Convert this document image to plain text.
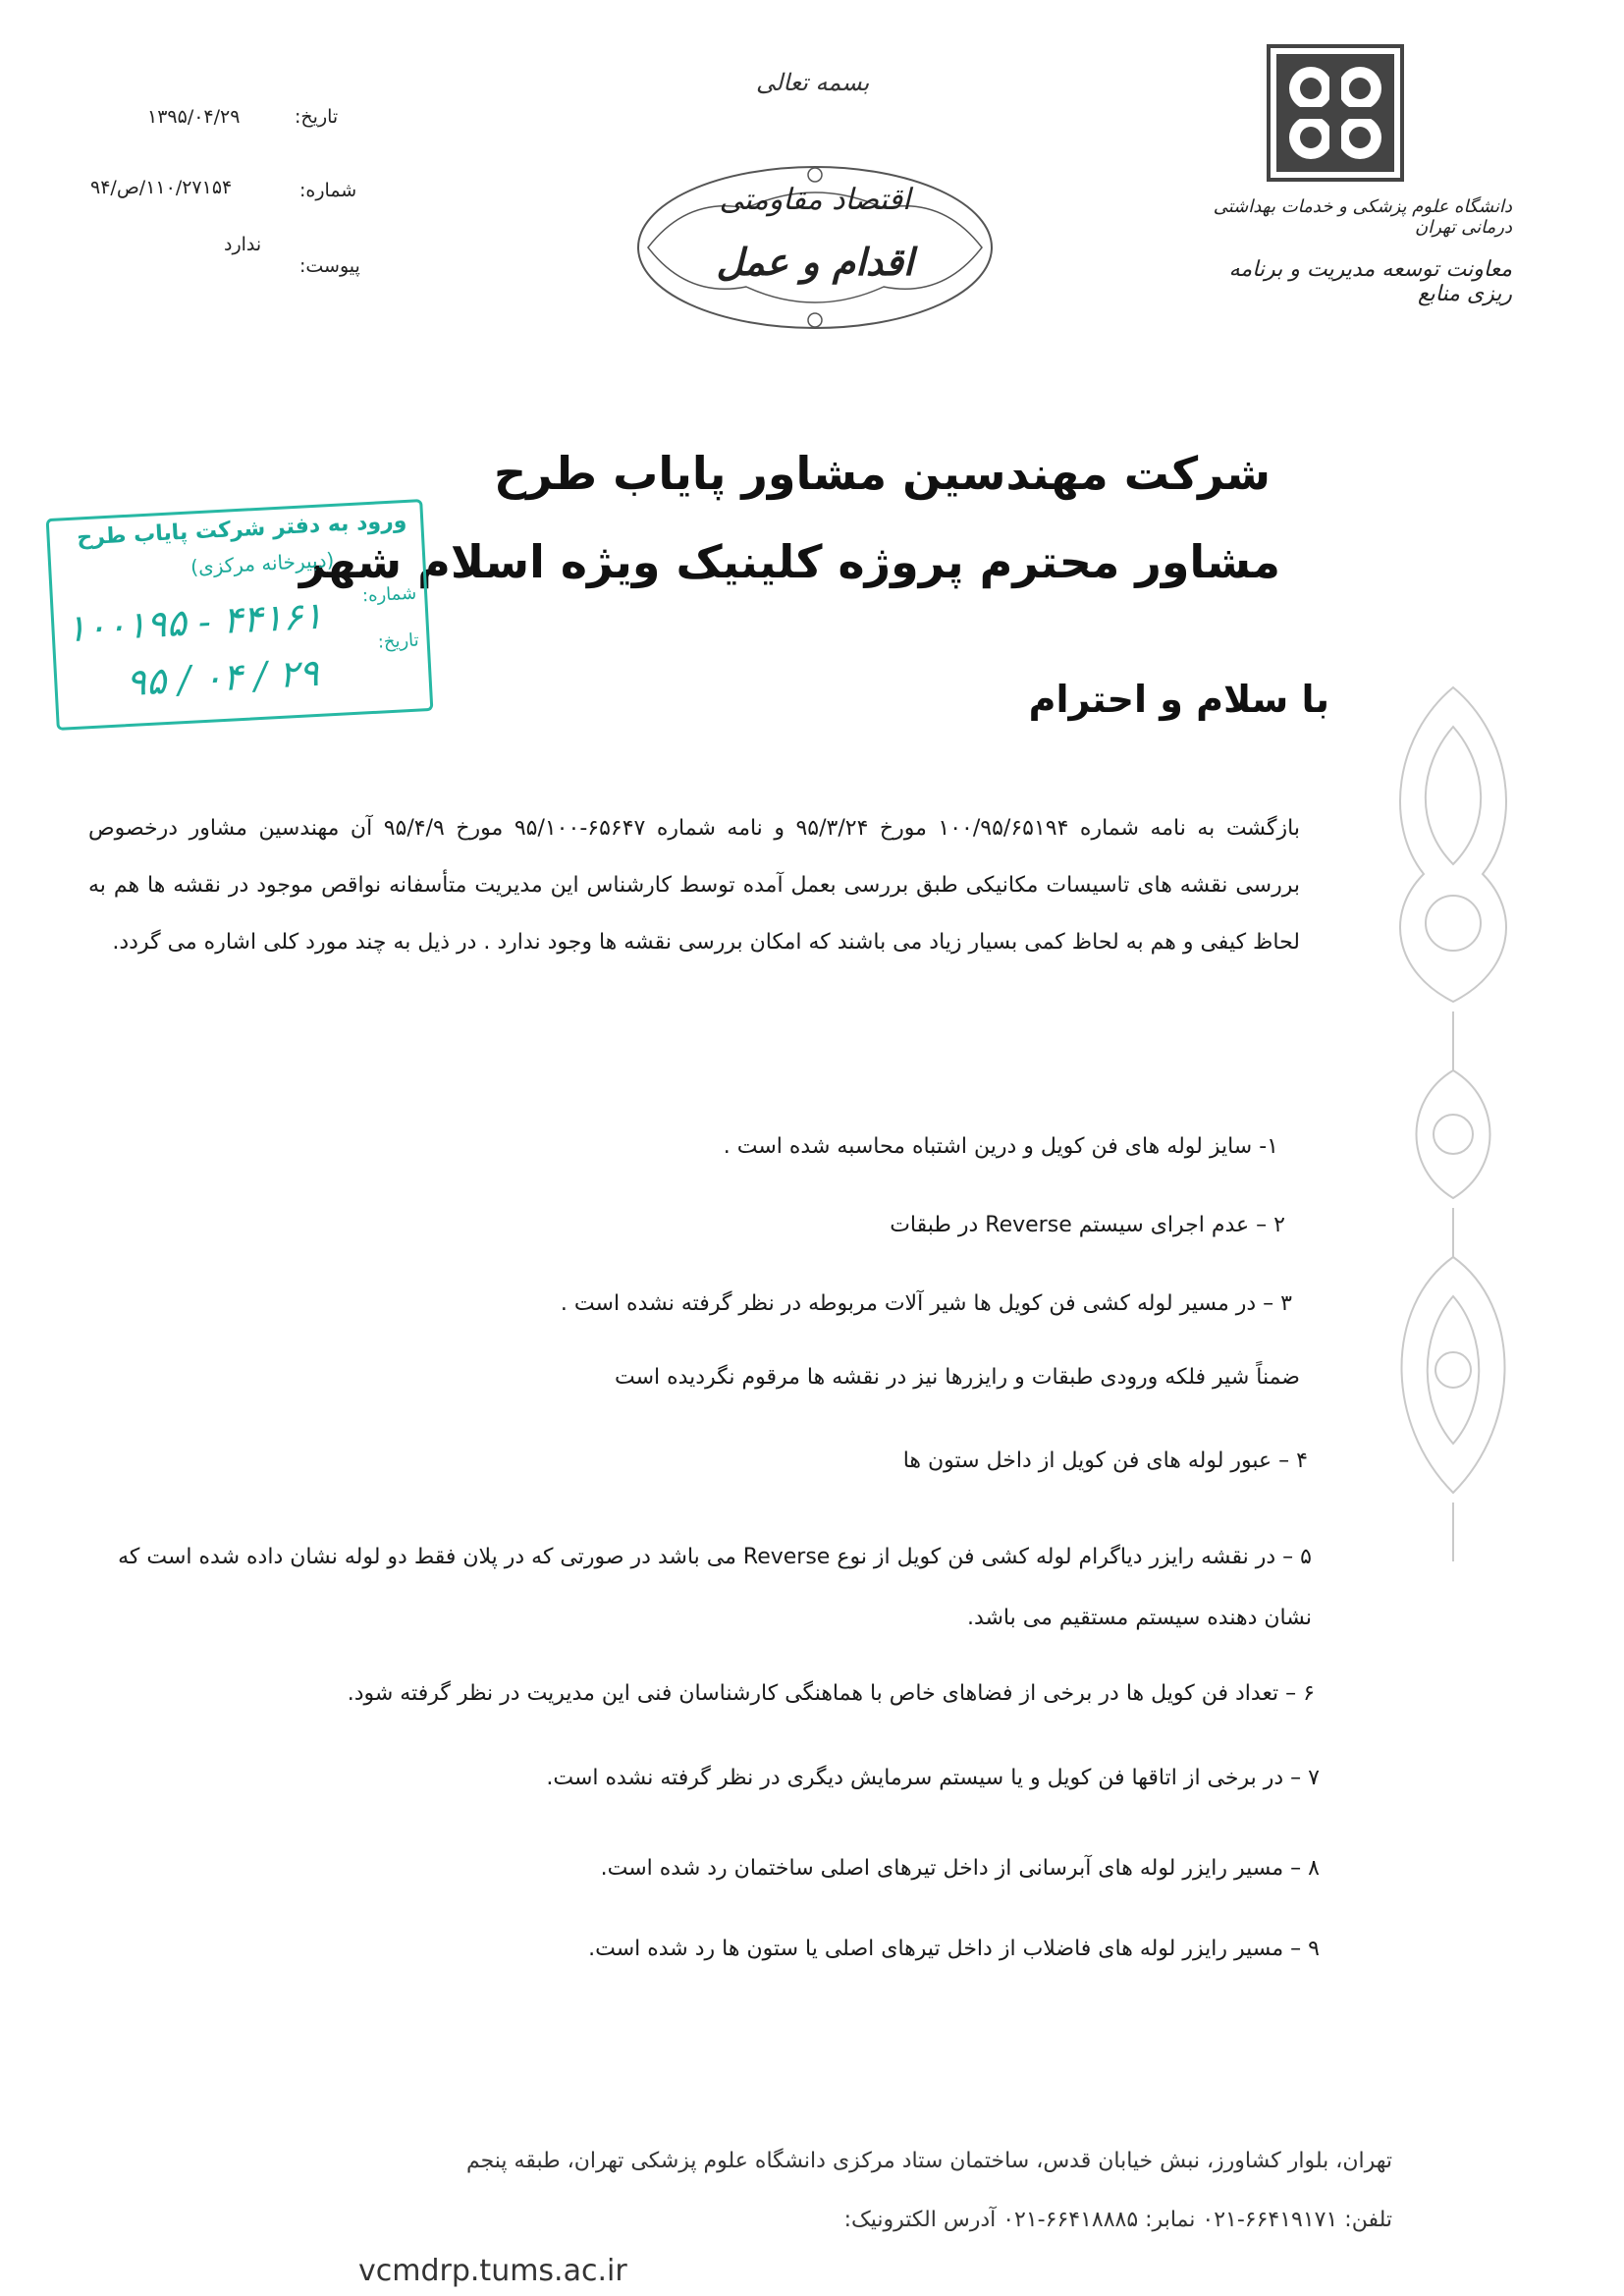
تاریخ:
۱۳۹۵/۰۴/۲۹
شماره:
۱۱۰/۲۷۱۵۴/ص/۹۴
ندارد
پیوست:
بسمه تعالی
اقتصاد مقاومتی
اقدام و عمل
دانشگاه علوم پزشکی و خدمات بهداشتی درمانی تهران
معاونت توسعه مدیریت و برنامه ریزی منابع
شرکت مهندسین مشاور پایاب طرح
مشاور محترم پروژه کلینیک ویژه اسلام شهر
ورود به دفتر شرکت پایاب طرح
(دبیرخانه مرکزی)
شماره:
۱۰۰۱۹۵ - ۴۴۱۶۱	تاریخ:
۹۵ / ۰۴ / ۲۹	با سلام و احترام
بازگشت به نامه شماره ۱۰۰/۹۵/۶۵۱۹۴ مورخ ۹۵/۳/۲۴ و نامه شماره ۶۵۶۴۷-۹۵/۱۰۰ مورخ ۹۵/۴/۹ آن مهندسین مشاور درخصوص بررسی نقشه های تاسیسات مکانیکی طبق بررسی بعمل آمده توسط کارشناس این مدیریت متأسفانه نواقص موجود در نقشه ها هم به لحاظ کیفی و هم به لحاظ کمی بسیار زیاد می باشند که امکان بررسی نقشه ها وجود ندارد . در ذیل به چند مورد کلی اشاره می گردد.
۱- سایز لوله های فن کویل و درین اشتباه محاسبه شده است .
۲ – عدم اجرای سیستم Reverse در طبقات
۳ – در مسیر لوله کشی فن کویل ها شیر آلات مربوطه در نظر گرفته نشده است .
ضمناً شیر فلکه ورودی طبقات و رایزرها نیز در نقشه ها مرقوم نگردیده است
۴ – عبور لوله های فن کویل از داخل ستون ها
۵ – در نقشه رایزر دیاگرام لوله کشی فن کویل از نوع Reverse می باشد در صورتی که در پلان فقط دو لوله نشان داده شده است که نشان دهنده سیستم مستقیم می باشد.
۶ – تعداد فن کویل ها در برخی از فضاهای خاص با هماهنگی کارشناسان فنی این مدیریت در نظر گرفته شود.
۷ – در برخی از اتاقها فن کویل و یا سیستم سرمایش دیگری در نظر گرفته نشده است.
۸ – مسیر رایزر لوله های آبرسانی از داخل تیرهای اصلی ساختمان رد شده است.
۹ – مسیر رایزر لوله های فاضلاب از داخل تیرهای اصلی یا ستون ها رد شده است.
تهران، بلوار کشاورز، نبش خیابان قدس، ساختمان ستاد مرکزی دانشگاه علوم پزشکی تهران، طبقه پنجم
تلفن: ۶۶۴۱۹۱۷۱-۰۲۱ نمابر: ۶۶۴۱۸۸۸۵-۰۲۱ آدرس الکترونیک:
vcmdrp.tums.ac.ir
